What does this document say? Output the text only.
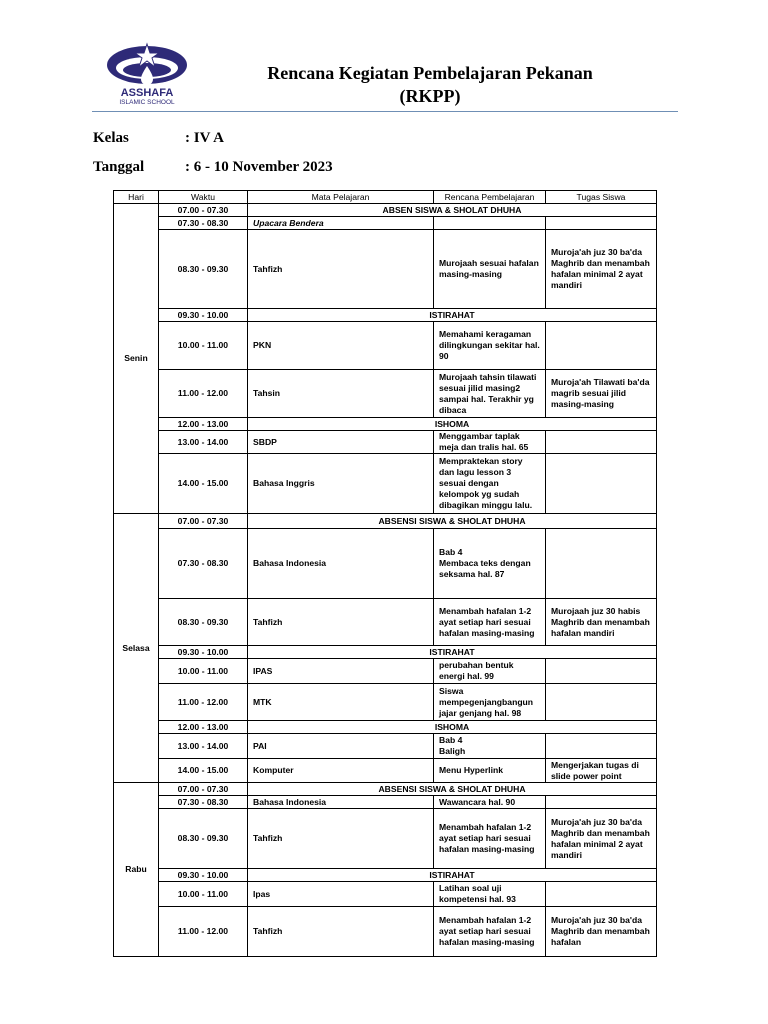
ASSHAFA
ISLAMIC SCHOOL
Rencana Kegiatan Pembelajaran Pekanan
(RKPP)
Kelas	: IV A
Tanggal	: 6 - 10 November 2023
Hari	Waktu	Mata Pelajaran	Rencana Pembelajaran	Tugas Siswa
Senin	07.00 - 07.30	ABSEN SISWA & SHOLAT DHUHA		
	07.30 - 08.30	Upacara Bendera		
	08.30 - 09.30	Tahfizh	Murojaah sesuai hafalan masing-masing	Muroja'ah juz 30 ba'da Maghrib dan menambah hafalan minimal 2 ayat mandiri
	09.30 - 10.00	ISTIRAHAT		
	10.00 - 11.00	PKN	Memahami keragaman dilingkungan sekitar hal. 90	
	11.00 - 12.00	Tahsin	Murojaah tahsin tilawati sesuai jilid masing2 sampai hal. Terakhir yg dibaca	Muroja'ah Tilawati ba'da magrib sesuai jilid masing-masing
	12.00 - 13.00	ISHOMA		
	13.00 - 14.00	SBDP	Menggambar taplak meja dan tralis hal. 65	
	14.00 - 15.00	Bahasa Inggris	Mempraktekan story dan lagu lesson 3 sesuai dengan kelompok yg sudah dibagikan minggu lalu.	
Selasa	07.00 - 07.30	ABSENSI SISWA & SHOLAT DHUHA		
	07.30 - 08.30	Bahasa Indonesia	Bab 4
Membaca teks dengan seksama hal. 87	
	08.30 - 09.30	Tahfizh	Menambah hafalan 1-2 ayat setiap hari sesuai hafalan masing-masing	Murojaah juz 30 habis Maghrib dan menambah hafalan mandiri
	09.30 - 10.00	ISTIRAHAT		
	10.00 - 11.00	IPAS	perubahan bentuk energi hal. 99	
	11.00 - 12.00	MTK	Siswa mempegenjangbangun jajar genjang hal. 98	
	12.00 - 13.00	ISHOMA		
	13.00 - 14.00	PAI	Bab 4
Baligh	
	14.00 - 15.00	Komputer	Menu Hyperlink	Mengerjakan tugas di slide power point
Rabu	07.00 - 07.30	ABSENSI SISWA & SHOLAT DHUHA		
	07.30 - 08.30	Bahasa Indonesia	Wawancara hal. 90	
	08.30 - 09.30	Tahfizh	Menambah hafalan 1-2 ayat setiap hari sesuai hafalan masing-masing	Muroja'ah juz 30 ba'da Maghrib dan menambah hafalan minimal 2 ayat mandiri
	09.30 - 10.00	ISTIRAHAT		
	10.00 - 11.00	Ipas	Latihan soal uji kompetensi hal. 93	
	11.00 - 12.00	Tahfizh	Menambah hafalan 1-2 ayat setiap hari sesuai hafalan masing-masing	Muroja'ah juz 30 ba'da Maghrib dan menambah hafalan
